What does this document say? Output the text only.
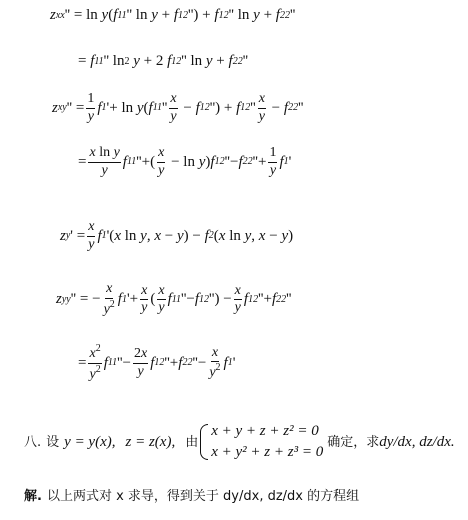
z xx '' = ln y ( f 11 '' ln y + f 12 '') + f 12 '' ln y + f 22 ''
= f 11 '' ln 2
y + 2 f 12 '' ln y + f 22 ''
z xy '' = $\frac{1}{y}$ f 1 '+ ln y ( f 11 '' $\frac{x}{y} - f$ 12 '') + f 12 '' $\frac{x}{y} - f$ 22 ''
= $\frac{\text{x ln y}}{y}$ f 11 ''+( $\frac{x}{y} - \ln y$ ) f 12 ''− f 22 ''+ $\frac{1}{y}$ f 1 '
z y ' = $\frac{x}{y}$ f 1 '( x ln y , x − y ) − f 2 ( x ln y , x − y )
z yy '' = − $\frac{x}{y^2}$ f 1 '+ $\frac{x}{y}$ ( $\frac{x}{y}$ f 11 ''− f 12 '') − $\frac{x}{y}$ f 12 ''+ f 22 ''
= $\frac{x^2}{y^2}$ f 11 ''− $\frac{2x}{y}$ f 12 ''+ f 22 ''− $\frac{x}{y^2}$ f 1 '
八. 设 y = y(x), z = z(x), 由
x + y + z + z² = 0
x + y² + z + z³ = 0
确定，求 dy/dx, dz/dx.
解. 以上两式对 x 求导，得到关于 dy/dx, dz/dx 的方程组
